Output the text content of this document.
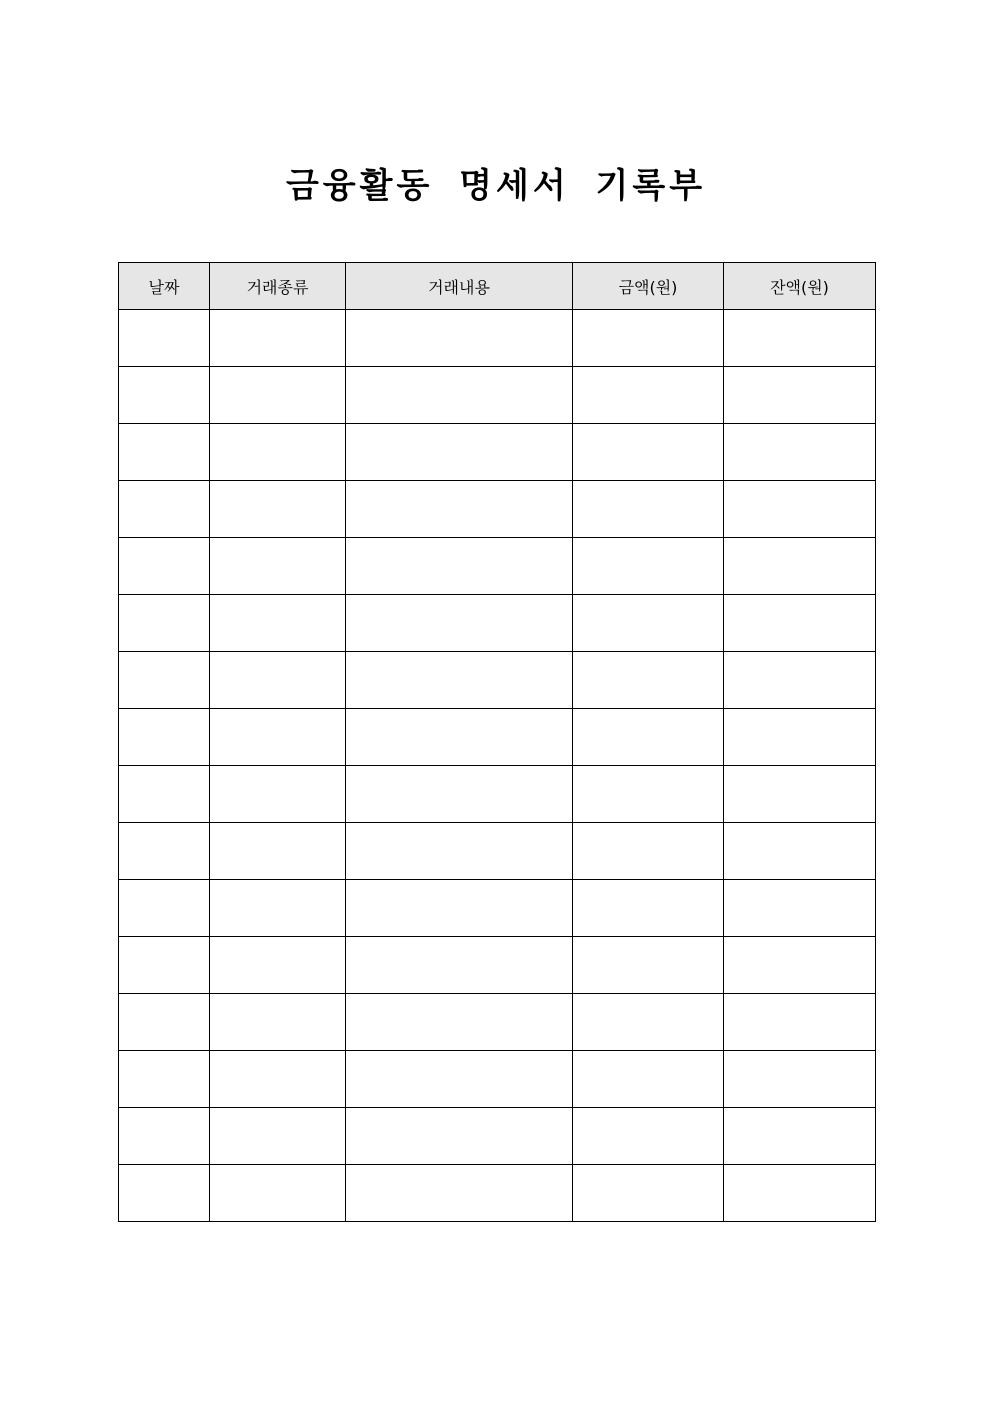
금융활동 명세서 기록부
날짜	거래종류	거래내용	금액(원)	잔액(원)
